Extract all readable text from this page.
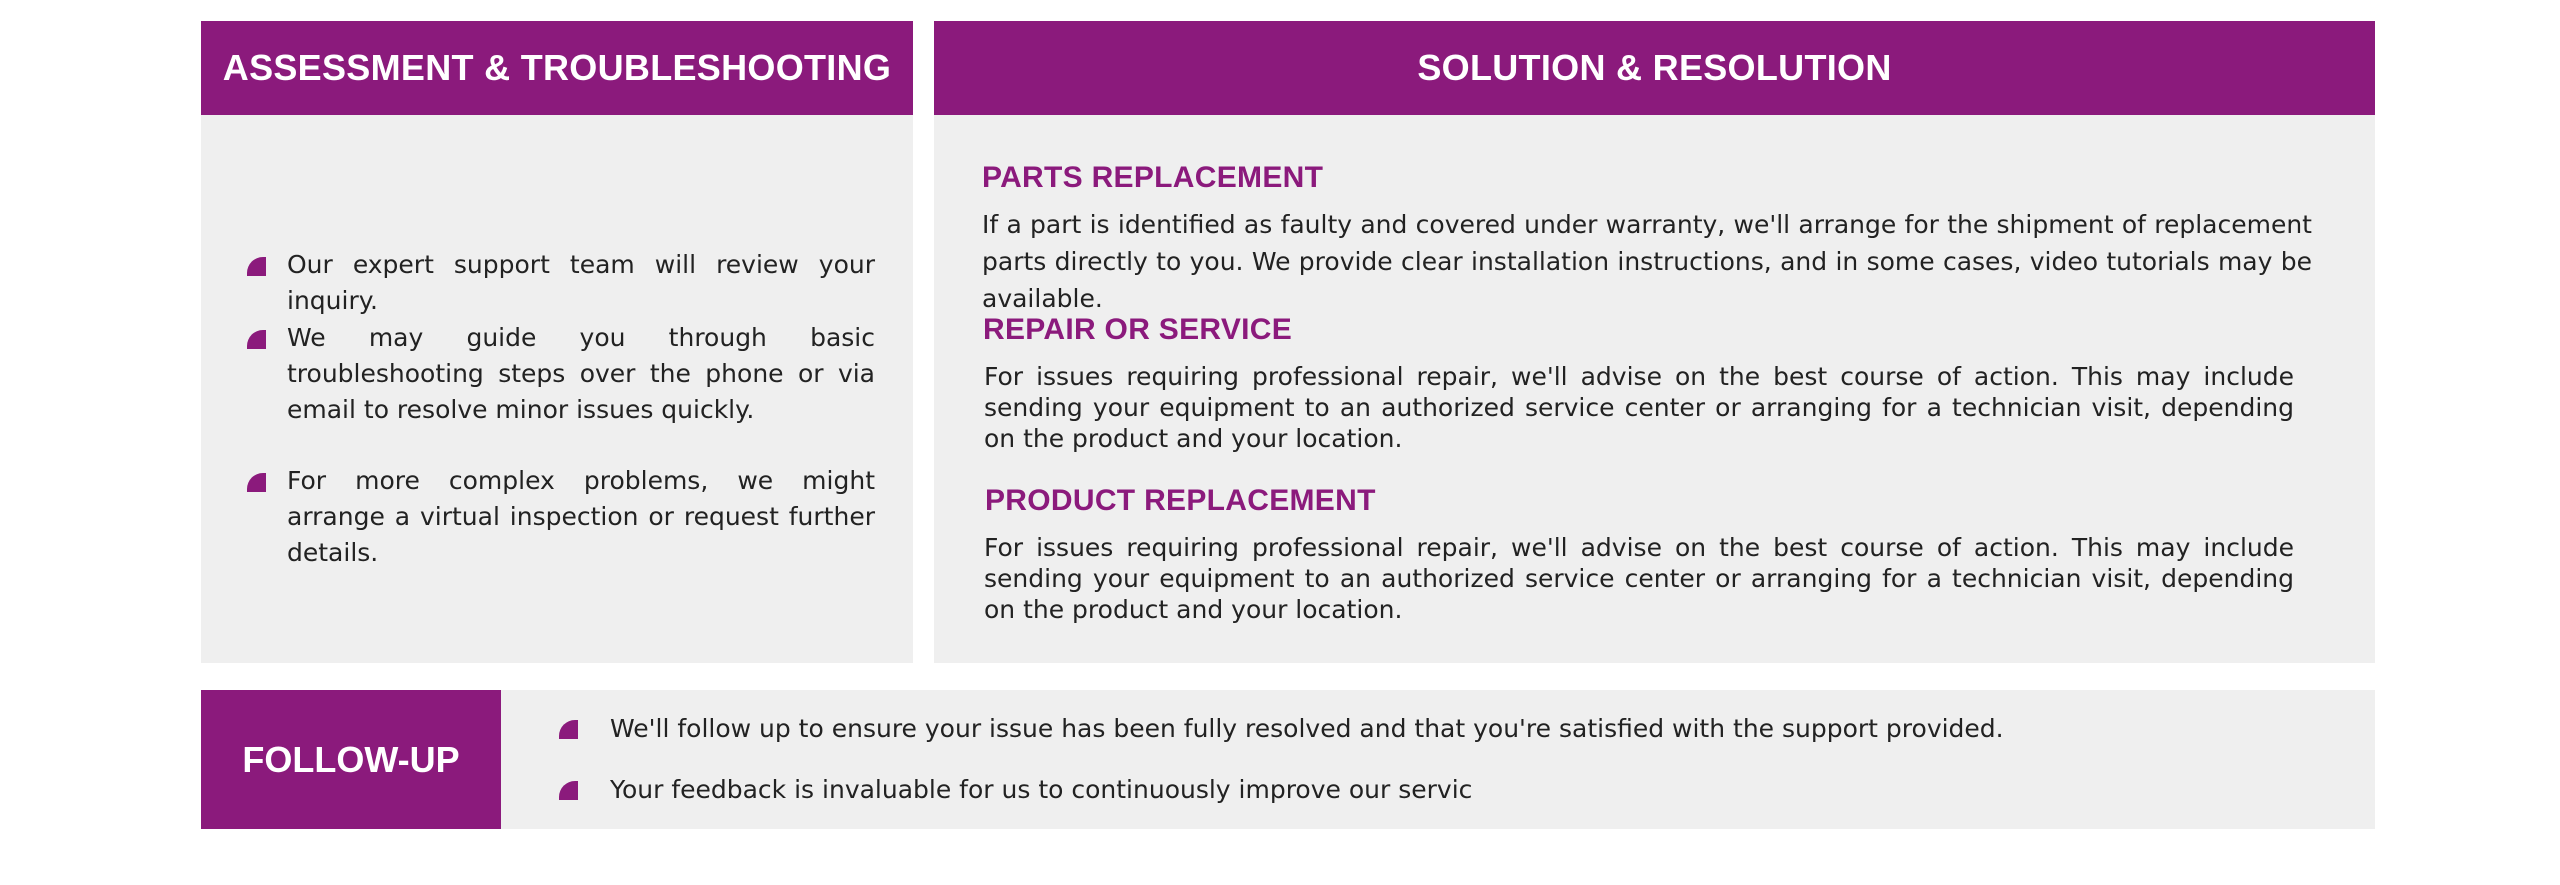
ASSESSMENT & TROUBLESHOOTING
Our expert support team will review your inquiry.
We may guide you through basic troubleshooting steps over the phone or via email to resolve minor issues quickly.
For more complex problems, we might arrange a virtual inspection or request further details.
SOLUTION & RESOLUTION
PARTS REPLACEMENT
If a part is identified as faulty and covered under warranty, we'll arrange for the shipment of replacement parts directly to you. We provide clear installation instructions, and in some cases, video tutorials may be available.
REPAIR OR SERVICE
For issues requiring professional repair, we'll advise on the best course of action. This may include sending your equipment to an authorized service center or arranging for a technician visit, depending on the product and your location.
PRODUCT REPLACEMENT
For issues requiring professional repair, we'll advise on the best course of action. This may include sending your equipment to an authorized service center or arranging for a technician visit, depending on the product and your location.
FOLLOW-UP
We'll follow up to ensure your issue has been fully resolved and that you're satisfied with the support provided.
Your feedback is invaluable for us to continuously improve our servic
